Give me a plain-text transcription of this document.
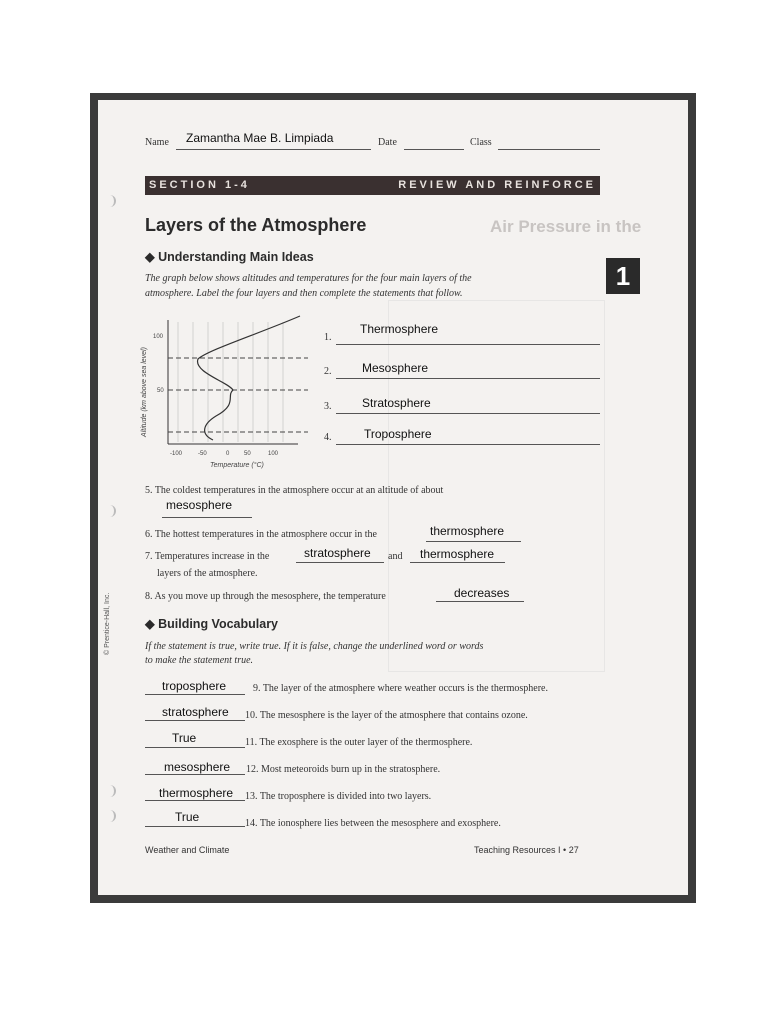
Name Zamantha Mae B. Limpiada	Date	Class
SECTION 1-4	REVIEW AND REINFORCE
Air Pressure in the
Layers of the Atmosphere
1
◆ Understanding Main Ideas
The graph below shows altitudes and temperatures for the four main layers of the
atmosphere. Label the four layers and then complete the statements that follow.
Altitude (km above sea level)
100
50
-100	-50	0 50	100
Temperature (°C)
1.
Thermosphere
2.	Mesosphere
3.	Stratosphere
4.	Troposphere
5. The coldest temperatures in the atmosphere occur at an altitude of about
mesosphere
6. The hottest temperatures in the atmosphere occur in the	thermosphere
7. Temperatures increase in the	stratosphere and thermosphere
layers of the atmosphere.
8. As you move up through the mesosphere, the temperature	decreases
© Prentice-Hall, Inc.	◆ Building Vocabulary
If the statement is true, write true. If it is false, change the underlined word or words
to make the statement true.
troposphere	9. The layer of the atmosphere where weather occurs is the thermosphere.
stratosphere 10. The mesosphere is the layer of the atmosphere that contains ozone.
True	11. The exosphere is the outer layer of the thermosphere.
mesosphere 12. Most meteoroids burn up in the stratosphere.
thermosphere 13. The troposphere is divided into two layers.
True	14. The ionosphere lies between the mesosphere and exosphere.
Weather and Climate	Teaching Resources I • 27
